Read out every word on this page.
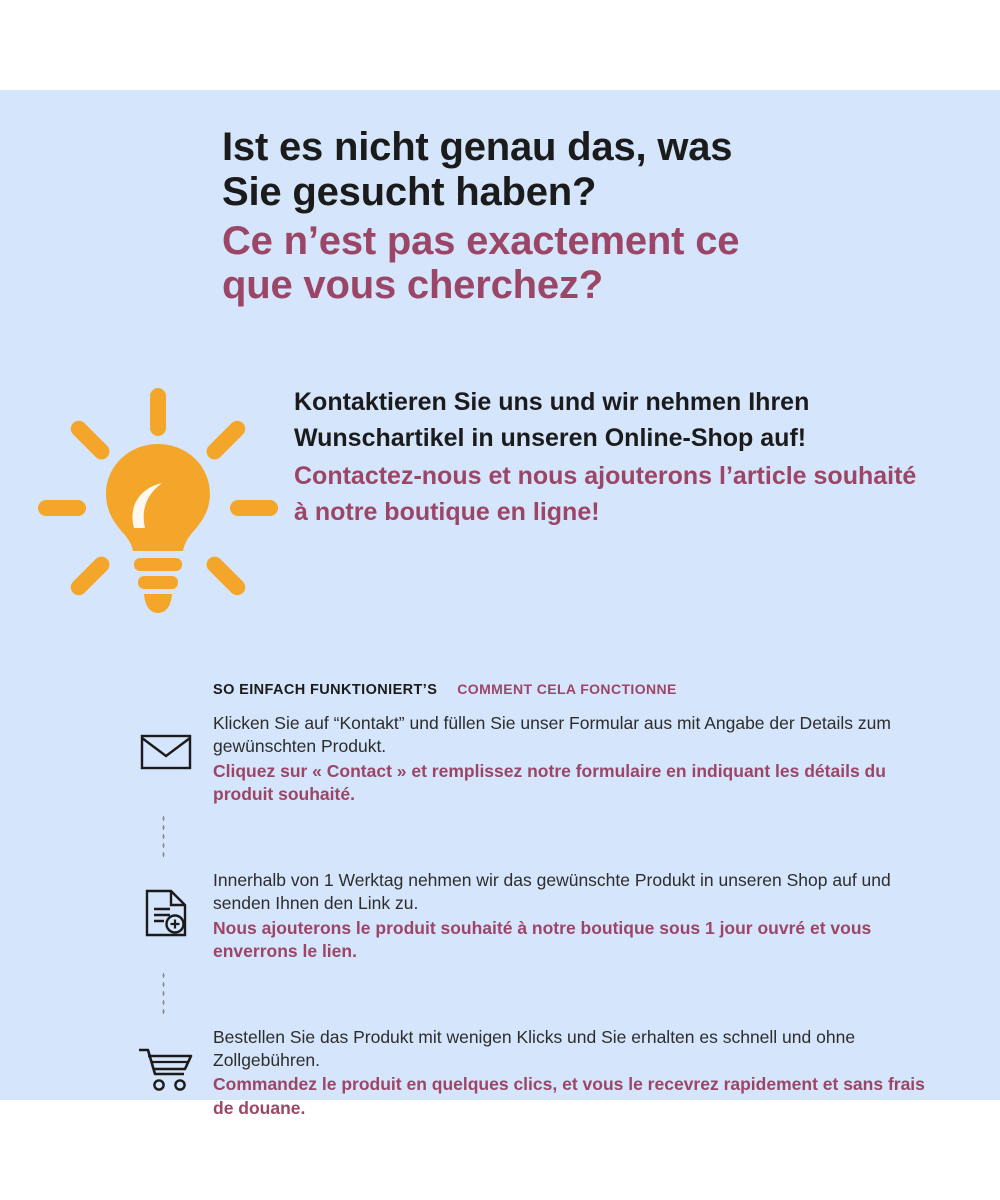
Ist es nicht genau das, was
Sie gesucht haben?
Ce n’est pas exactement ce
que vous cherchez?
Kontaktieren Sie uns und wir nehmen Ihren Wunschartikel in unseren Online-Shop auf!
Contactez-nous et nous ajouterons l’article souhaité à notre boutique en ligne!
SO EINFACH FUNKTIONIERT’S COMMENT CELA FONCTIONNE
Klicken Sie auf “Kontakt” und füllen Sie unser Formular aus mit Angabe der Details zum gewünschten Produkt.
Cliquez sur « Contact » et remplissez notre formulaire en indiquant les détails du produit souhaité.
Innerhalb von 1 Werktag nehmen wir das gewünschte Produkt in unseren Shop auf und senden Ihnen den Link zu.
Nous ajouterons le produit souhaité à notre boutique sous 1 jour ouvré et vous enverrons le lien.
Bestellen Sie das Produkt mit wenigen Klicks und Sie erhalten es schnell und ohne Zollgebühren.
Commandez le produit en quelques clics, et vous le recevrez rapidement et sans frais de douane.
